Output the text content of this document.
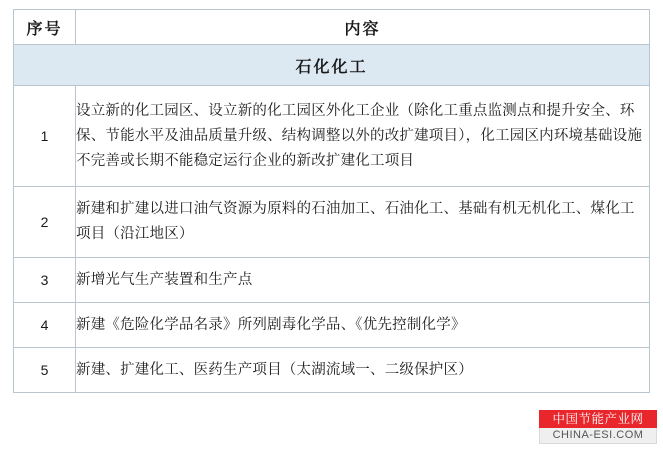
序号	内容
石化化工	
1	设立新的化工园区、设立新的化工园区外化工企业（除化工重点监测点和提升安全、环保、节能水平及油品质量升级、结构调整以外的改扩建项目），化工园区内环境基础设施不完善或长期不能稳定运行企业的新改扩建化工项目
2	新建和扩建以进口油气资源为原料的石油加工、石油化工、基础有机无机化工、煤化工项目（沿江地区）
3	新增光气生产装置和生产点
4	新建《危险化学品名录》所列剧毒化学品、《优先控制化学》
5	新建、扩建化工、医药生产项目（太湖流域一、二级保护区）
中国节能产业网
CHINA-ESI.COM
